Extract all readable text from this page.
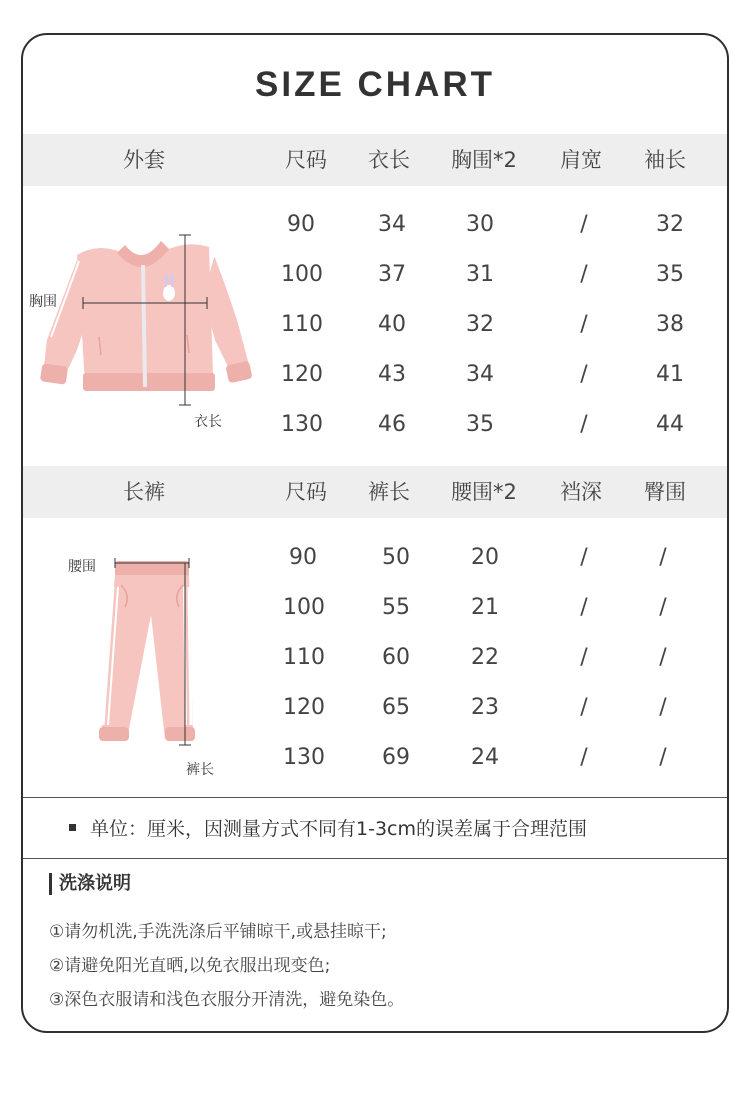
SIZE CHART
外套	尺码 衣长 胸围*2 肩宽 袖长
90	34	30	/	32
100	37	31	/	35
110	40	32	/	38
120	43	34	/	41
130	46	35	/	44
胸围
衣长
长裤	尺码 裤长 腰围*2 裆深 臀围
90	50	20	/	/
100	55	21	/	/
110	60	22	/	/
120	65	23	/	/
130	69	24	/	/
腰围
裤长
单位：厘米，因测量方式不同有1-3cm的误差属于合理范围
洗涤说明
①请勿机洗,手洗洗涤后平铺晾干,或悬挂晾干;
②请避免阳光直晒,以免衣服出现变色;
③深色衣服请和浅色衣服分开清洗，避免染色。
